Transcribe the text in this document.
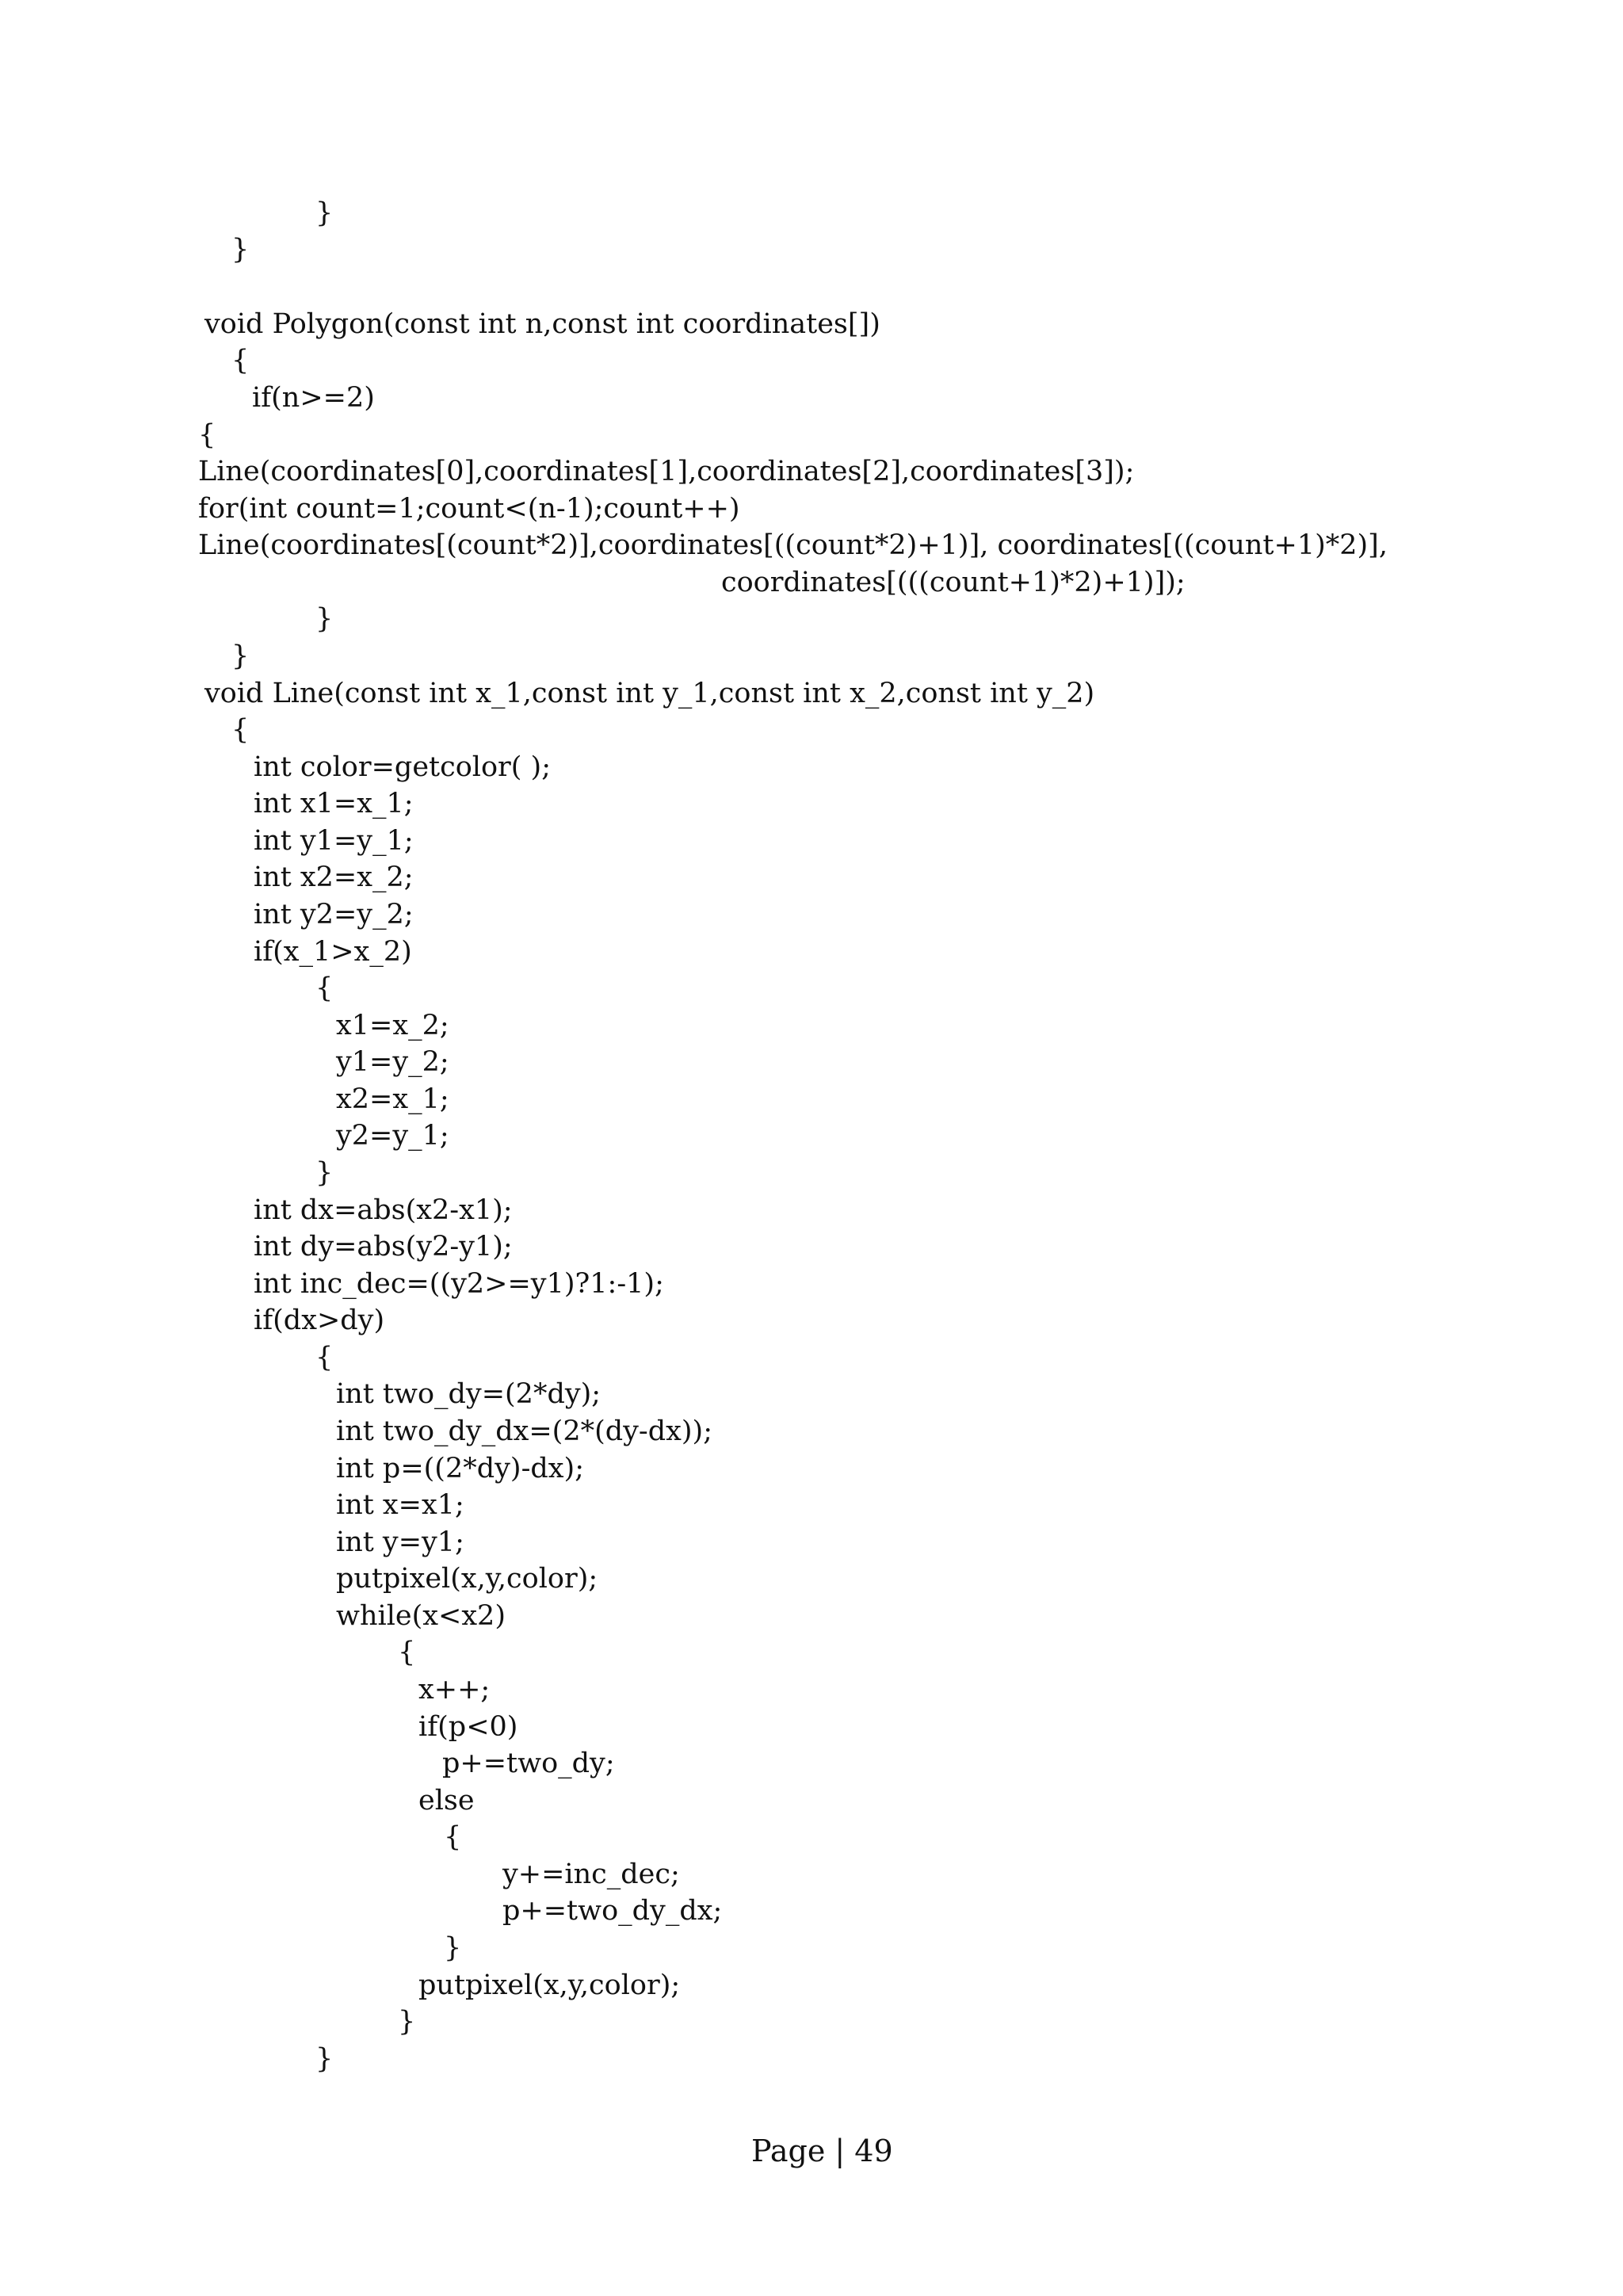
}
}
void Polygon(const int n,const int coordinates[])
{
if(n>=2)
{
Line(coordinates[0],coordinates[1],coordinates[2],coordinates[3]);
for(int count=1;count<(n-1);count++)
Line(coordinates[(count*2)],coordinates[((count*2)+1)], coordinates[((count+1)*2)],
coordinates[(((count+1)*2)+1)]);
}
}
void Line(const int x_1,const int y_1,const int x_2,const int y_2)
{
int color=getcolor( );
int x1=x_1;
int y1=y_1;
int x2=x_2;
int y2=y_2;
if(x_1>x_2)
{
x1=x_2;
y1=y_2;
x2=x_1;
y2=y_1;
}
int dx=abs(x2-x1);
int dy=abs(y2-y1);
int inc_dec=((y2>=y1)?1:-1);
if(dx>dy)
{
int two_dy=(2*dy);
int two_dy_dx=(2*(dy-dx));
int p=((2*dy)-dx);
int x=x1;
int y=y1;
putpixel(x,y,color);
while(x<x2)
{
x++;
if(p<0)
p+=two_dy;
else
{
y+=inc_dec;
p+=two_dy_dx;
}
putpixel(x,y,color);
}
}
Page | 49
